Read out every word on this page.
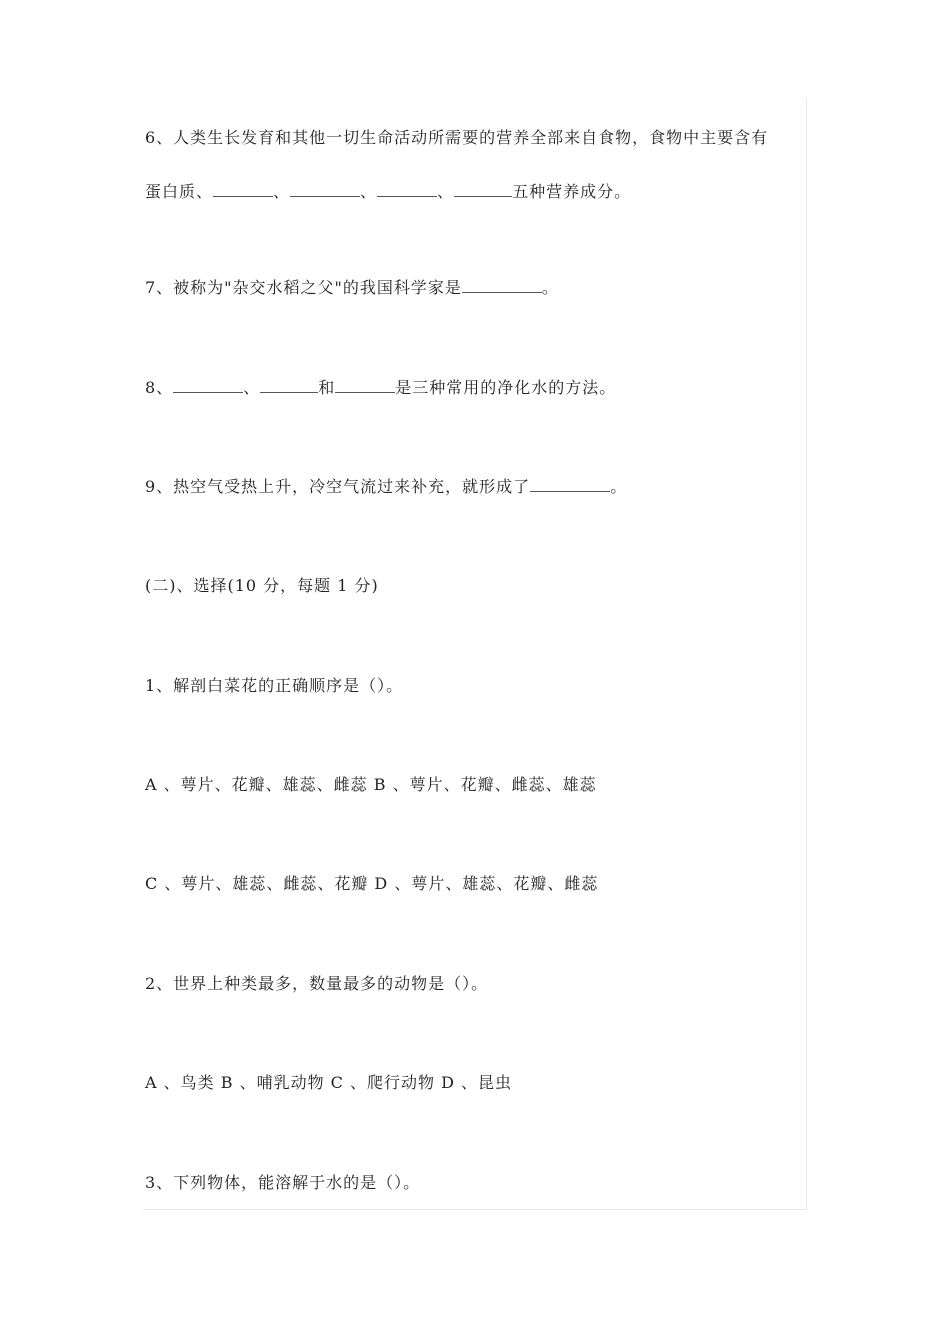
6、人类生长发育和其他一切生命活动所需要的营养全部来自食物，食物中主要含有
蛋白质、	、	、	、	五种营养成分。
7、被称为"杂交水稻之父"的我国科学家是	。
8、	、	和	是三种常用的净化水的方法。
9、热空气受热上升，冷空气流过来补充，就形成了	。
(二)、选择(10 分，每题 1 分)
1、解剖白菜花的正确顺序是（）。
A 、萼片、花瓣、雄蕊、雌蕊 B 、萼片、花瓣、雌蕊、雄蕊
C 、萼片、雄蕊、雌蕊、花瓣 D 、萼片、雄蕊、花瓣、雌蕊
2、世界上种类最多，数量最多的动物是（）。
A 、鸟类 B 、哺乳动物 C 、爬行动物 D 、昆虫
3、下列物体，能溶解于水的是（）。
